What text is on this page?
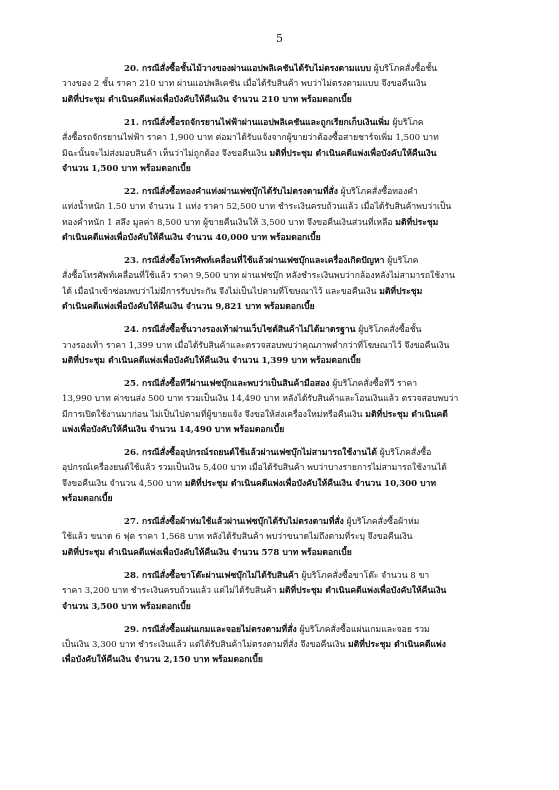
5
20. กรณีสั่งซื้อชั้นไม้วางของผ่านแอปพลิเคชันได้รับไม่ตรงตามแบบ ผู้บริโภคสั่งซื้อชั้น
วางของ 2 ชั้น ราคา 210 บาท ผ่านแอปพลิเคชัน เมื่อได้รับสินค้า พบว่าไม่ตรงตามแบบ จึงขอคืนเงิน
มติที่ประชุม ดำเนินคดีแพ่งเพื่อบังคับให้คืนเงิน จำนวน 210 บาท พร้อมดอกเบี้ย
21. กรณีสั่งซื้อรถจักรยานไฟฟ้าผ่านแอปพลิเคชันและถูกเรียกเก็บเงินเพิ่ม ผู้บริโภค
สั่งซื้อรถจักรยานไฟฟ้า ราคา 1,900 บาท ต่อมาได้รับแจ้งจากผู้ขายว่าต้องซื้อสายชาร์จเพิ่ม 1,500 บาท
มิฉะนั้นจะไม่ส่งมอบสินค้า เห็นว่าไม่ถูกต้อง จึงขอคืนเงิน มติที่ประชุม ดำเนินคดีแพ่งเพื่อบังคับให้คืนเงิน
จำนวน 1,500 บาท พร้อมดอกเบี้ย
22. กรณีสั่งซื้อทองคำแท่งผ่านเฟซบุ๊กได้รับไม่ตรงตามที่สั่ง ผู้บริโภคสั่งซื้อทองคำ
แท่งน้ำหนัก 1.50 บาท จำนวน 1 แท่ง ราคา 52,500 บาท ชำระเงินครบถ้วนแล้ว เมื่อได้รับสินค้าพบว่าเป็น
ทองคำหนัก 1 สลึง มูลค่า 8,500 บาท ผู้ขายคืนเงินให้ 3,500 บาท จึงขอคืนเงินส่วนที่เหลือ มติที่ประชุม
ดำเนินคดีแพ่งเพื่อบังคับให้คืนเงิน จำนวน 40,000 บาท พร้อมดอกเบี้ย
23. กรณีสั่งซื้อโทรศัพท์เคลื่อนที่ใช้แล้วผ่านเฟซบุ๊กและเครื่องเกิดปัญหา ผู้บริโภค
สั่งซื้อโทรศัพท์เคลื่อนที่ใช้แล้ว ราคา 9,500 บาท ผ่านเฟซบุ๊ก หลังชำระเงินพบว่ากล้องหลังไม่สามารถใช้งาน
ได้ เมื่อนำเข้าซ่อมพบว่าไม่มีการรับประกัน จึงไม่เป็นไปตามที่โฆษณาไว้ และขอคืนเงิน มติที่ประชุม
ดำเนินคดีแพ่งเพื่อบังคับให้คืนเงิน จำนวน 9,821 บาท พร้อมดอกเบี้ย
24. กรณีสั่งซื้อชั้นวางรองเท้าผ่านเว็บไซต์สินค้าไม่ได้มาตรฐาน ผู้บริโภคสั่งซื้อชั้น
วางรองเท้า ราคา 1,399 บาท เมื่อได้รับสินค้าและตรวจสอบพบว่าคุณภาพต่ำกว่าที่โฆษณาไว้ จึงขอคืนเงิน
มติที่ประชุม ดำเนินคดีแพ่งเพื่อบังคับให้คืนเงิน จำนวน 1,399 บาท พร้อมดอกเบี้ย
25. กรณีสั่งซื้อทีวีผ่านเฟซบุ๊กและพบว่าเป็นสินค้ามือสอง ผู้บริโภคสั่งซื้อทีวี ราคา
13,990 บาท ค่าขนส่ง 500 บาท รวมเป็นเงิน 14,490 บาท หลังได้รับสินค้าและโอนเงินแล้ว ตรวจสอบพบว่า
มีการเปิดใช้งานมาก่อน ไม่เป็นไปตามที่ผู้ขายแจ้ง จึงขอให้ส่งเครื่องใหม่หรือคืนเงิน มติที่ประชุม ดำเนินคดี
แพ่งเพื่อบังคับให้คืนเงิน จำนวน 14,490 บาท พร้อมดอกเบี้ย
26. กรณีสั่งซื้ออุปกรณ์รถยนต์ใช้แล้วผ่านเฟซบุ๊กไม่สามารถใช้งานได้ ผู้บริโภคสั่งซื้อ
อุปกรณ์เครื่องยนต์ใช้แล้ว รวมเป็นเงิน 5,400 บาท เมื่อได้รับสินค้า พบว่าบางรายการไม่สามารถใช้งานได้
จึงขอคืนเงิน จำนวน 4,500 บาท มติที่ประชุม ดำเนินคดีแพ่งเพื่อบังคับให้คืนเงิน จำนวน 10,300 บาท
พร้อมดอกเบี้ย
27. กรณีสั่งซื้อผ้าห่มใช้แล้วผ่านเฟซบุ๊กได้รับไม่ตรงตามที่สั่ง ผู้บริโภคสั่งซื้อผ้าห่ม
ใช้แล้ว ขนาด 6 ฟุต ราคา 1,568 บาท หลังได้รับสินค้า พบว่าขนาดไม่ถึงตามที่ระบุ จึงขอคืนเงิน
มติที่ประชุม ดำเนินคดีแพ่งเพื่อบังคับให้คืนเงิน จำนวน 578 บาท พร้อมดอกเบี้ย
28. กรณีสั่งซื้อขาโต๊ะผ่านเฟซบุ๊กไม่ได้รับสินค้า ผู้บริโภคสั่งซื้อขาโต๊ะ จำนวน 8 ขา
ราคา 3,200 บาท ชำระเงินครบถ้วนแล้ว แต่ไม่ได้รับสินค้า มติที่ประชุม ดำเนินคดีแพ่งเพื่อบังคับให้คืนเงิน
จำนวน 3,500 บาท พร้อมดอกเบี้ย
29. กรณีสั่งซื้อแผ่นเกมและจอยไม่ตรงตามที่สั่ง ผู้บริโภคสั่งซื้อแผ่นเกมและจอย รวม
เป็นเงิน 3,300 บาท ชำระเงินแล้ว แต่ได้รับสินค้าไม่ตรงตามที่สั่ง จึงขอคืนเงิน มติที่ประชุม ดำเนินคดีแพ่ง
เพื่อบังคับให้คืนเงิน จำนวน 2,150 บาท พร้อมดอกเบี้ย
